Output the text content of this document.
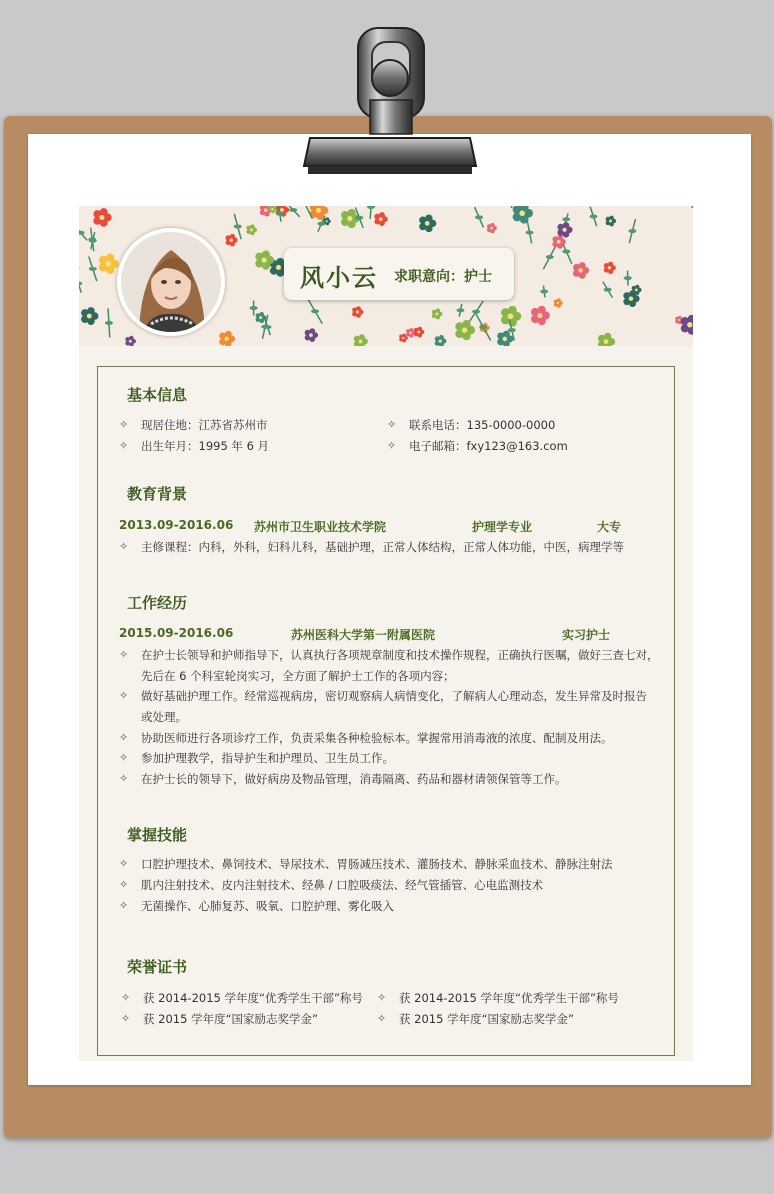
风小云 求职意向：护士
基本信息
✧ 现居住地：江苏省苏州市	✧ 联系电话：135-0000-0000
✧ 出生年月：1995 年 6 月	✧ 电子邮箱：fxy123@163.com
教育背景
2013.09-2016.06 苏州市卫生职业技术学院	护理学专业	大专
✧ 主修课程：内科，外科，妇科儿科，基础护理，正常人体结构，正常人体功能，中医，病理学等
工作经历
2015.09-2016.06	苏州医科大学第一附属医院	实习护士
✧ 在护士长领导和护师指导下，认真执行各项规章制度和技术操作规程，正确执行医嘱，做好三查七对，
先后在 6 个科室轮岗实习，全方面了解护士工作的各项内容；
✧ 做好基础护理工作。经常巡视病房，密切观察病人病情变化，了解病人心理动态，发生异常及时报告
或处理。
✧ 协助医师进行各项诊疗工作，负责采集各种检验标本。掌握常用消毒液的浓度、配制及用法。
✧ 参加护理教学，指导护生和护理员、卫生员工作。
✧ 在护士长的领导下，做好病房及物品管理，消毒隔离、药品和器材请领保管等工作。
掌握技能
✧ 口腔护理技术、鼻饲技术、导尿技术、胃肠减压技术、灌肠技术、静脉采血技术、静脉注射法
✧ 肌内注射技术、皮内注射技术、经鼻 / 口腔吸痰法、经气管插管、心电监测技术
✧ 无菌操作、心肺复苏、吸氧、口腔护理、雾化吸入
荣誉证书
✧ 获 2014-2015 学年度“优秀学生干部”称号 ✧ 获 2014-2015 学年度“优秀学生干部”称号
✧ 获 2015 学年度“国家励志奖学金”	✧ 获 2015 学年度“国家励志奖学金”
